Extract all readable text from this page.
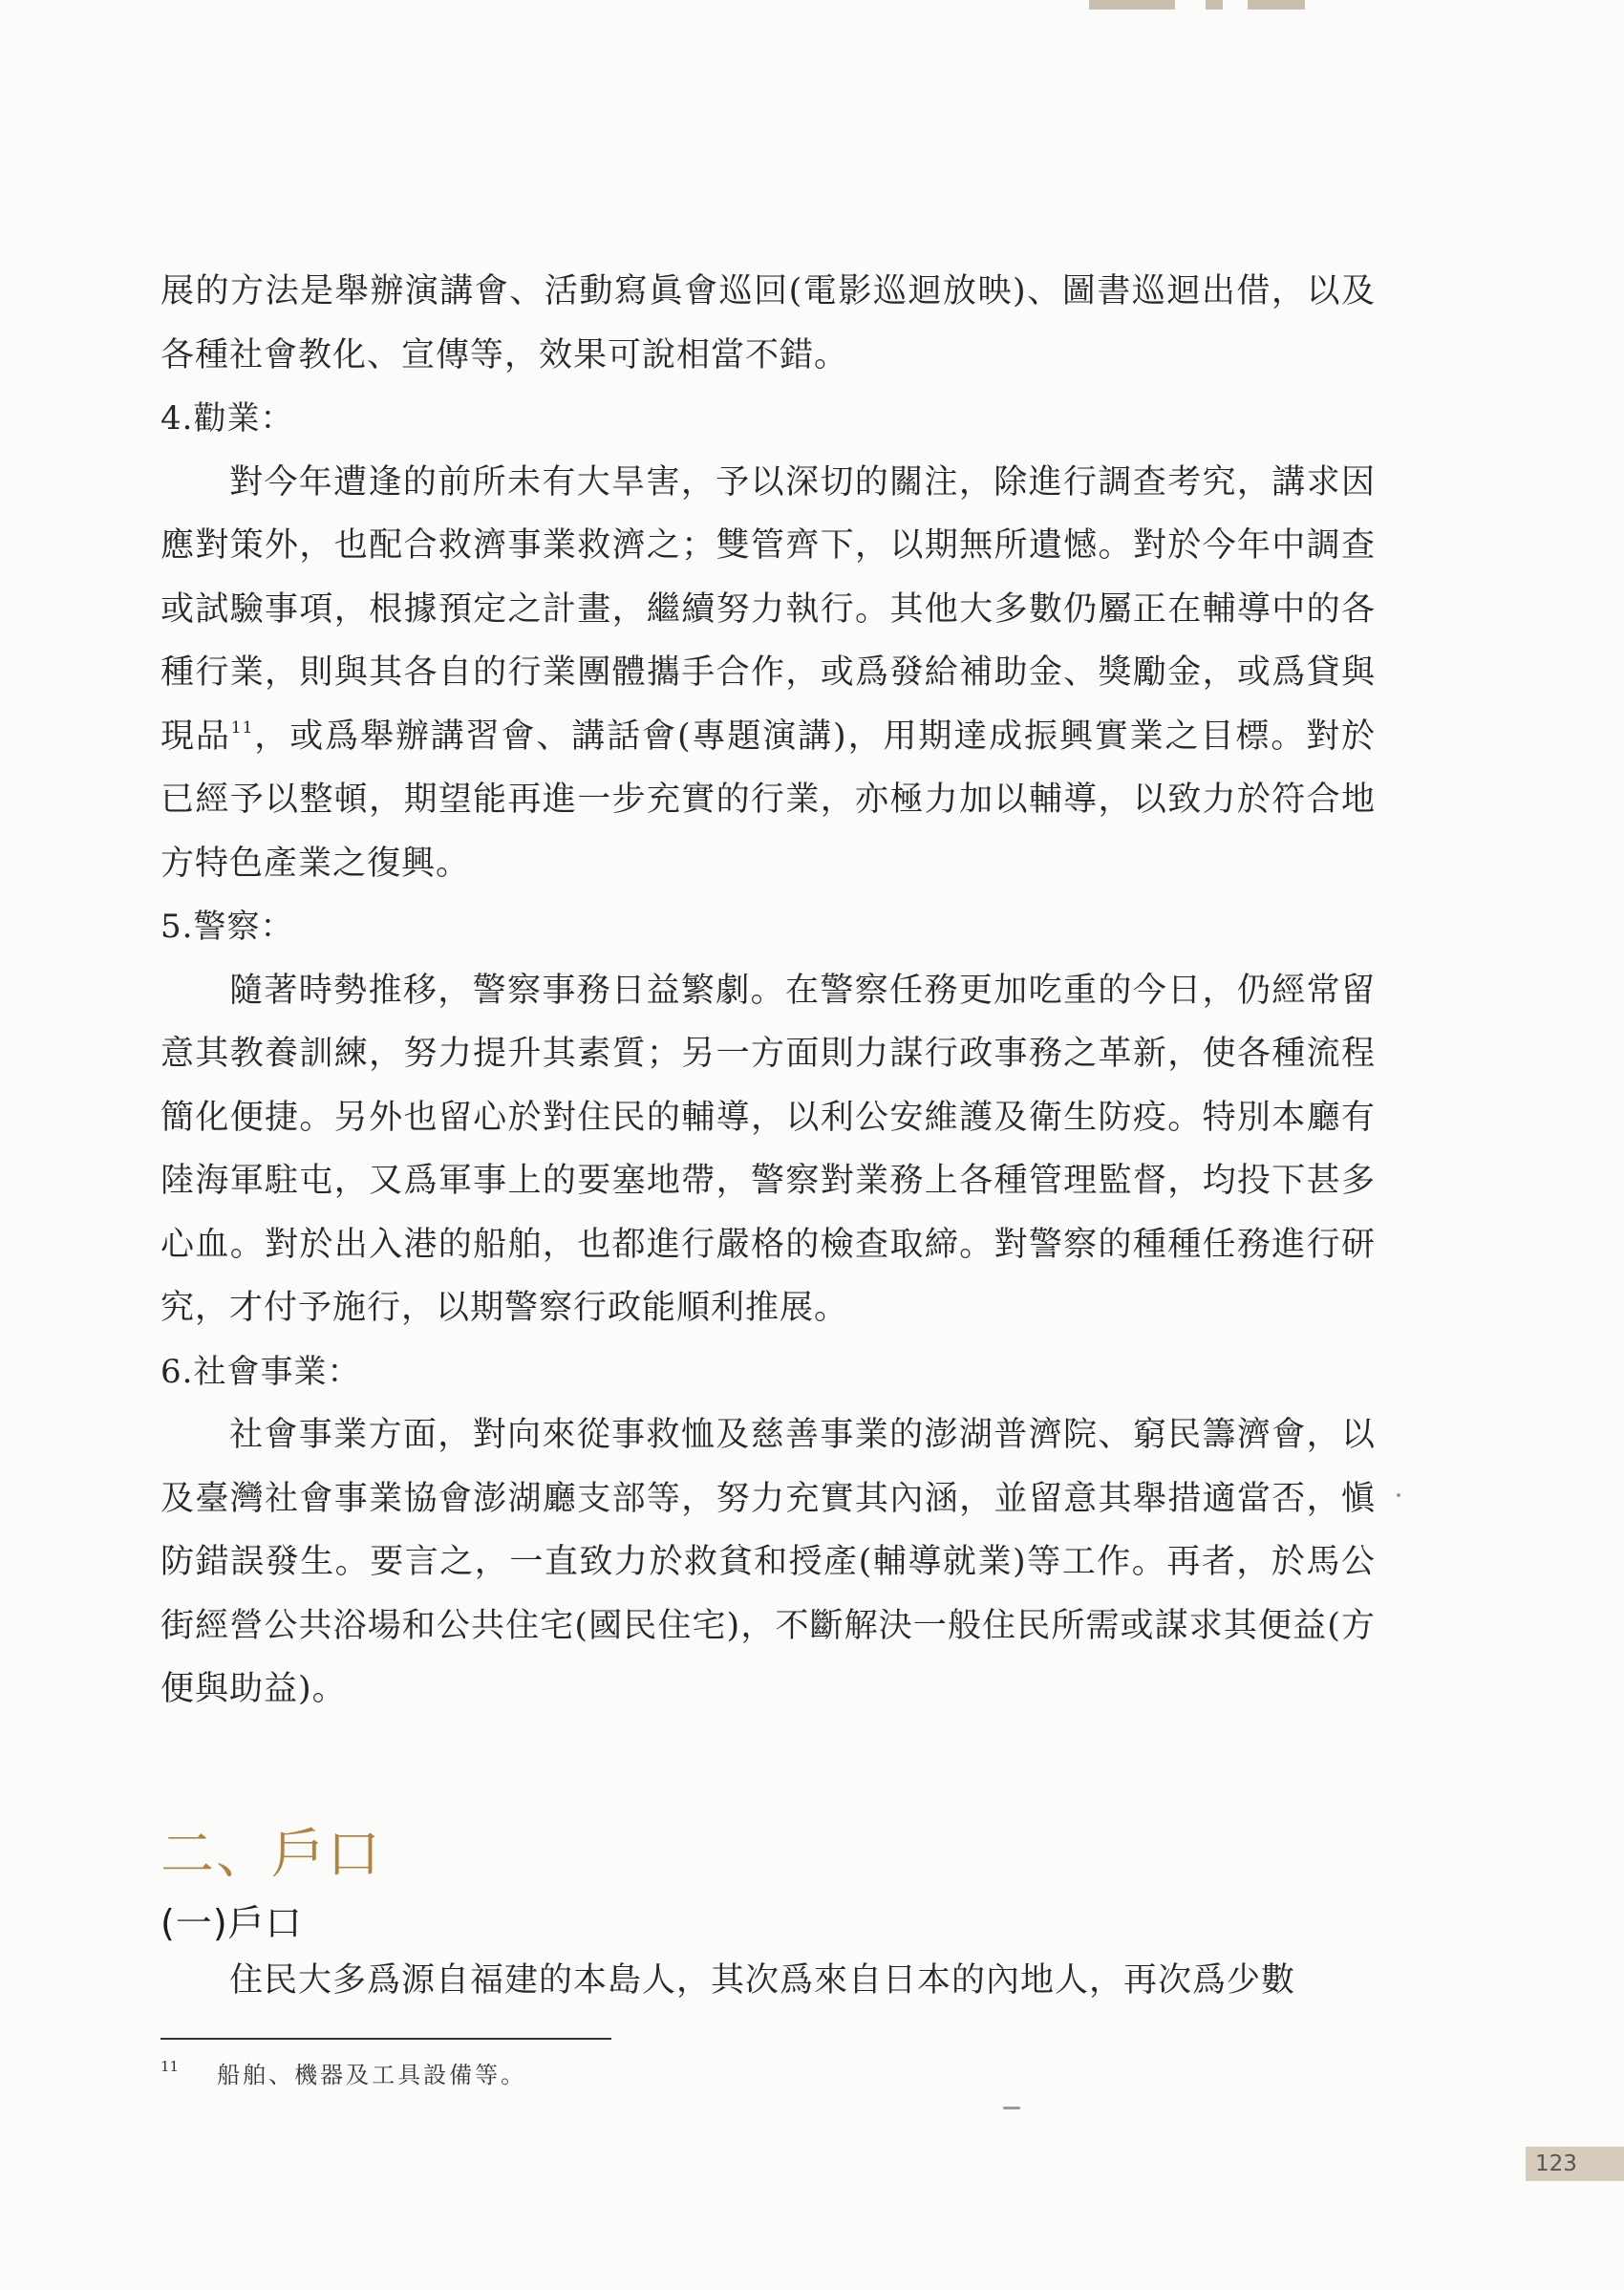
展的方法是舉辦演講會、活動寫眞會巡回(電影巡迴放映)、圖書巡迴出借，以及各種社會教化、宣傳等，效果可說相當不錯。

4.勸業：

對今年遭逢的前所未有大旱害，予以深切的關注，除進行調查考究，講求因應對策外，也配合救濟事業救濟之；雙管齊下，以期無所遺憾。對於今年中調查或試驗事項，根據預定之計畫，繼續努力執行。其他大多數仍屬正在輔導中的各種行業，則與其各自的行業團體攜手合作，或爲發給補助金、獎勵金，或爲貸與現品$^{11}$，或爲舉辦講習會、講話會(專題演講)，用期達成振興實業之目標。對於已經予以整頓，期望能再進一步充實的行業，亦極力加以輔導，以致力於符合地方特色產業之復興。

5.警察：

隨著時勢推移，警察事務日益繁劇。在警察任務更加吃重的今日，仍經常留意其教養訓練，努力提升其素質；另一方面則力謀行政事務之革新，使各種流程簡化便捷。另外也留心於對住民的輔導，以利公安維護及衛生防疫。特別本廳有陸海軍駐屯，又爲軍事上的要塞地帶，警察對業務上各種管理監督，均投下甚多心血。對於出入港的船舶，也都進行嚴格的檢查取締。對警察的種種任務進行研究，才付予施行，以期警察行政能順利推展。

6.社會事業：

社會事業方面，對向來從事救恤及慈善事業的澎湖普濟院、窮民籌濟會，以及臺灣社會事業協會澎湖廳支部等，努力充實其內涵，並留意其舉措適當否，愼防錯誤發生。要言之，一直致力於救貧和授產(輔導就業)等工作。再者，於馬公街經營公共浴場和公共住宅(國民住宅)，不斷解決一般住民所需或謀求其便益(方便與助益)。

二、戶口
(一)戶口

住民大多爲源自福建的本島人，其次爲來自日本的內地人，再次爲少數

$^{11}$ 船舶、機器及工具設備等。
123
